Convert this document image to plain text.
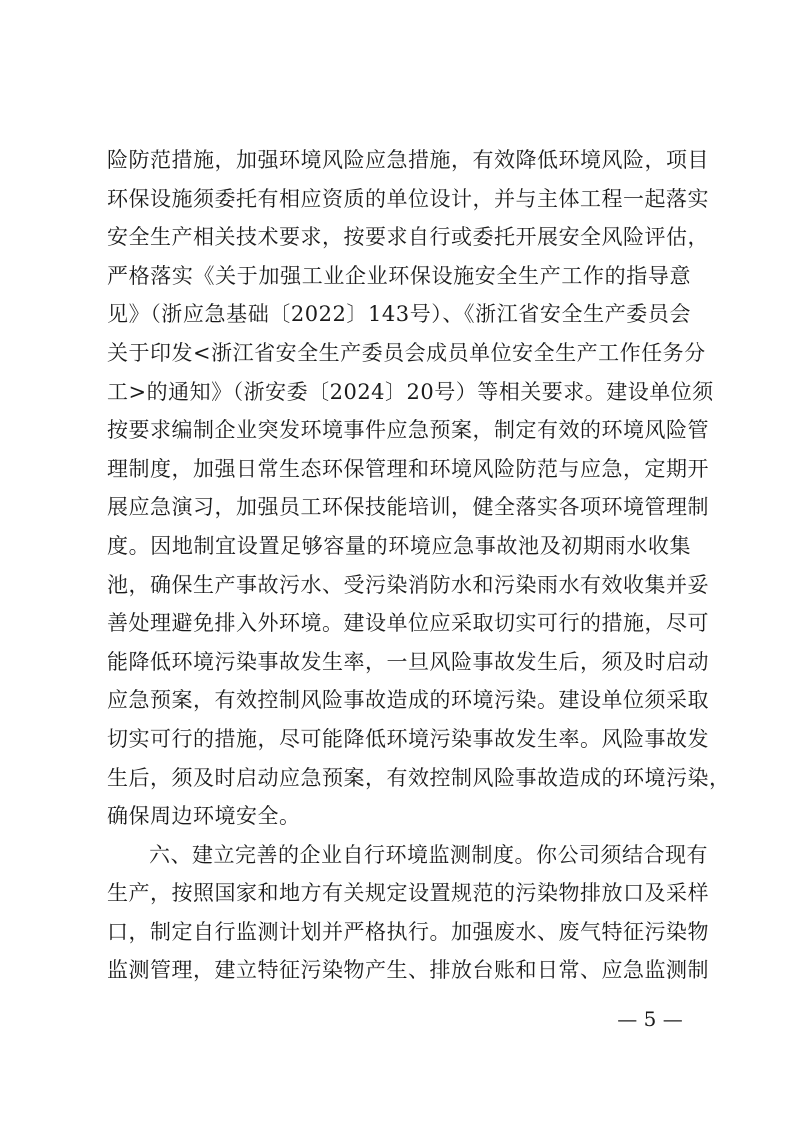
险防范措施，加强环境风险应急措施，有效降低环境风险，项目
环保设施须委托有相应资质的单位设计，并与主体工程一起落实
安全生产相关技术要求，按要求自行或委托开展安全风险评估，
严格落实《关于加强工业企业环保设施安全生产工作的指导意
见》（浙应急基础〔2022〕143号）、《浙江省安全生产委员会
关于印发<浙江省安全生产委员会成员单位安全生产工作任务分
工>的通知》（浙安委〔2024〕20号）等相关要求。建设单位须
按要求编制企业突发环境事件应急预案，制定有效的环境风险管
理制度，加强日常生态环保管理和环境风险防范与应急，定期开
展应急演习，加强员工环保技能培训，健全落实各项环境管理制
度。因地制宜设置足够容量的环境应急事故池及初期雨水收集
池，确保生产事故污水、受污染消防水和污染雨水有效收集并妥
善处理避免排入外环境。建设单位应采取切实可行的措施，尽可
能降低环境污染事故发生率，一旦风险事故发生后，须及时启动
应急预案，有效控制风险事故造成的环境污染。建设单位须采取
切实可行的措施，尽可能降低环境污染事故发生率。风险事故发
生后，须及时启动应急预案，有效控制风险事故造成的环境污染，
确保周边环境安全。
六、建立完善的企业自行环境监测制度。你公司须结合现有
生产，按照国家和地方有关规定设置规范的污染物排放口及采样
口，制定自行监测计划并严格执行。加强废水、废气特征污染物
监测管理，建立特征污染物产生、排放台账和日常、应急监测制
— 5 —
